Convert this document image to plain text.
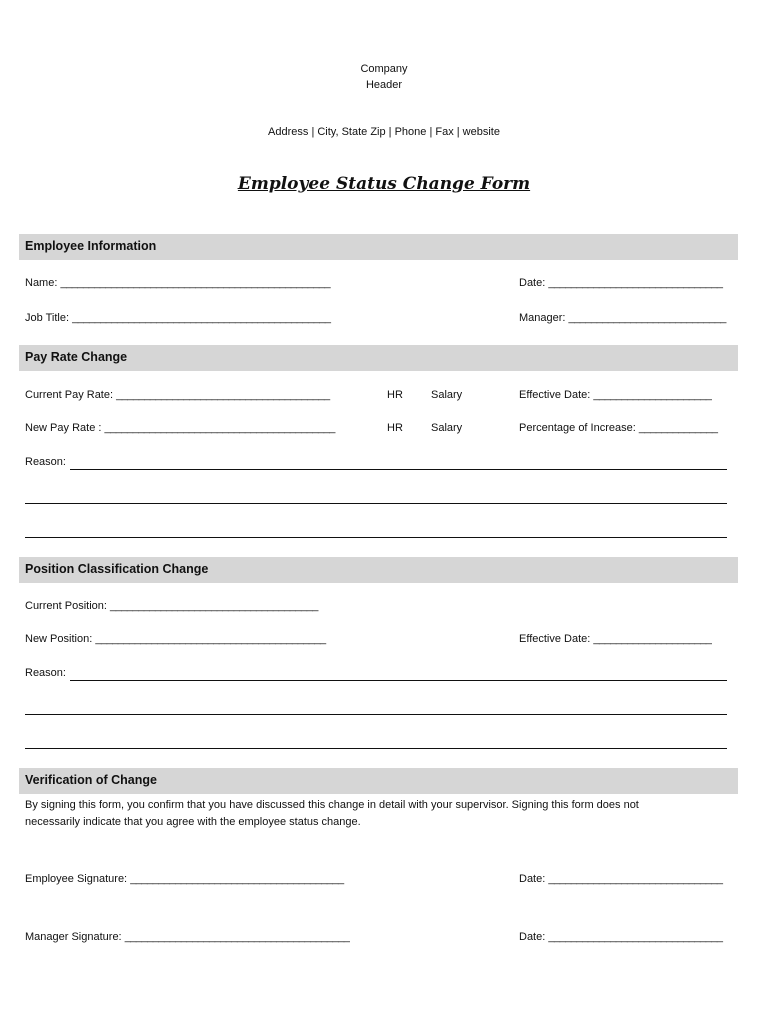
Company
Header
Address | City, State Zip | Phone | Fax | website
Employee Status Change Form
Employee Information
Name: ________________________________________________	Date: _______________________________
Job Title: ______________________________________________	Manager: ____________________________
Pay Rate Change
Current Pay Rate: ______________________________________	HR	Salary	Effective Date: _____________________
New Pay Rate : _________________________________________	HR	Salary	Percentage of Increase: ______________
Reason:
Position Classification Change
Current Position: _____________________________________
New Position: _________________________________________	Effective Date: _____________________
Reason:
Verification of Change
By signing this form, you confirm that you have discussed this change in detail with your supervisor. Signing this form does not
necessarily indicate that you agree with the employee status change.
Employee Signature: ______________________________________	Date: _______________________________
Manager Signature: ________________________________________	Date: _______________________________
